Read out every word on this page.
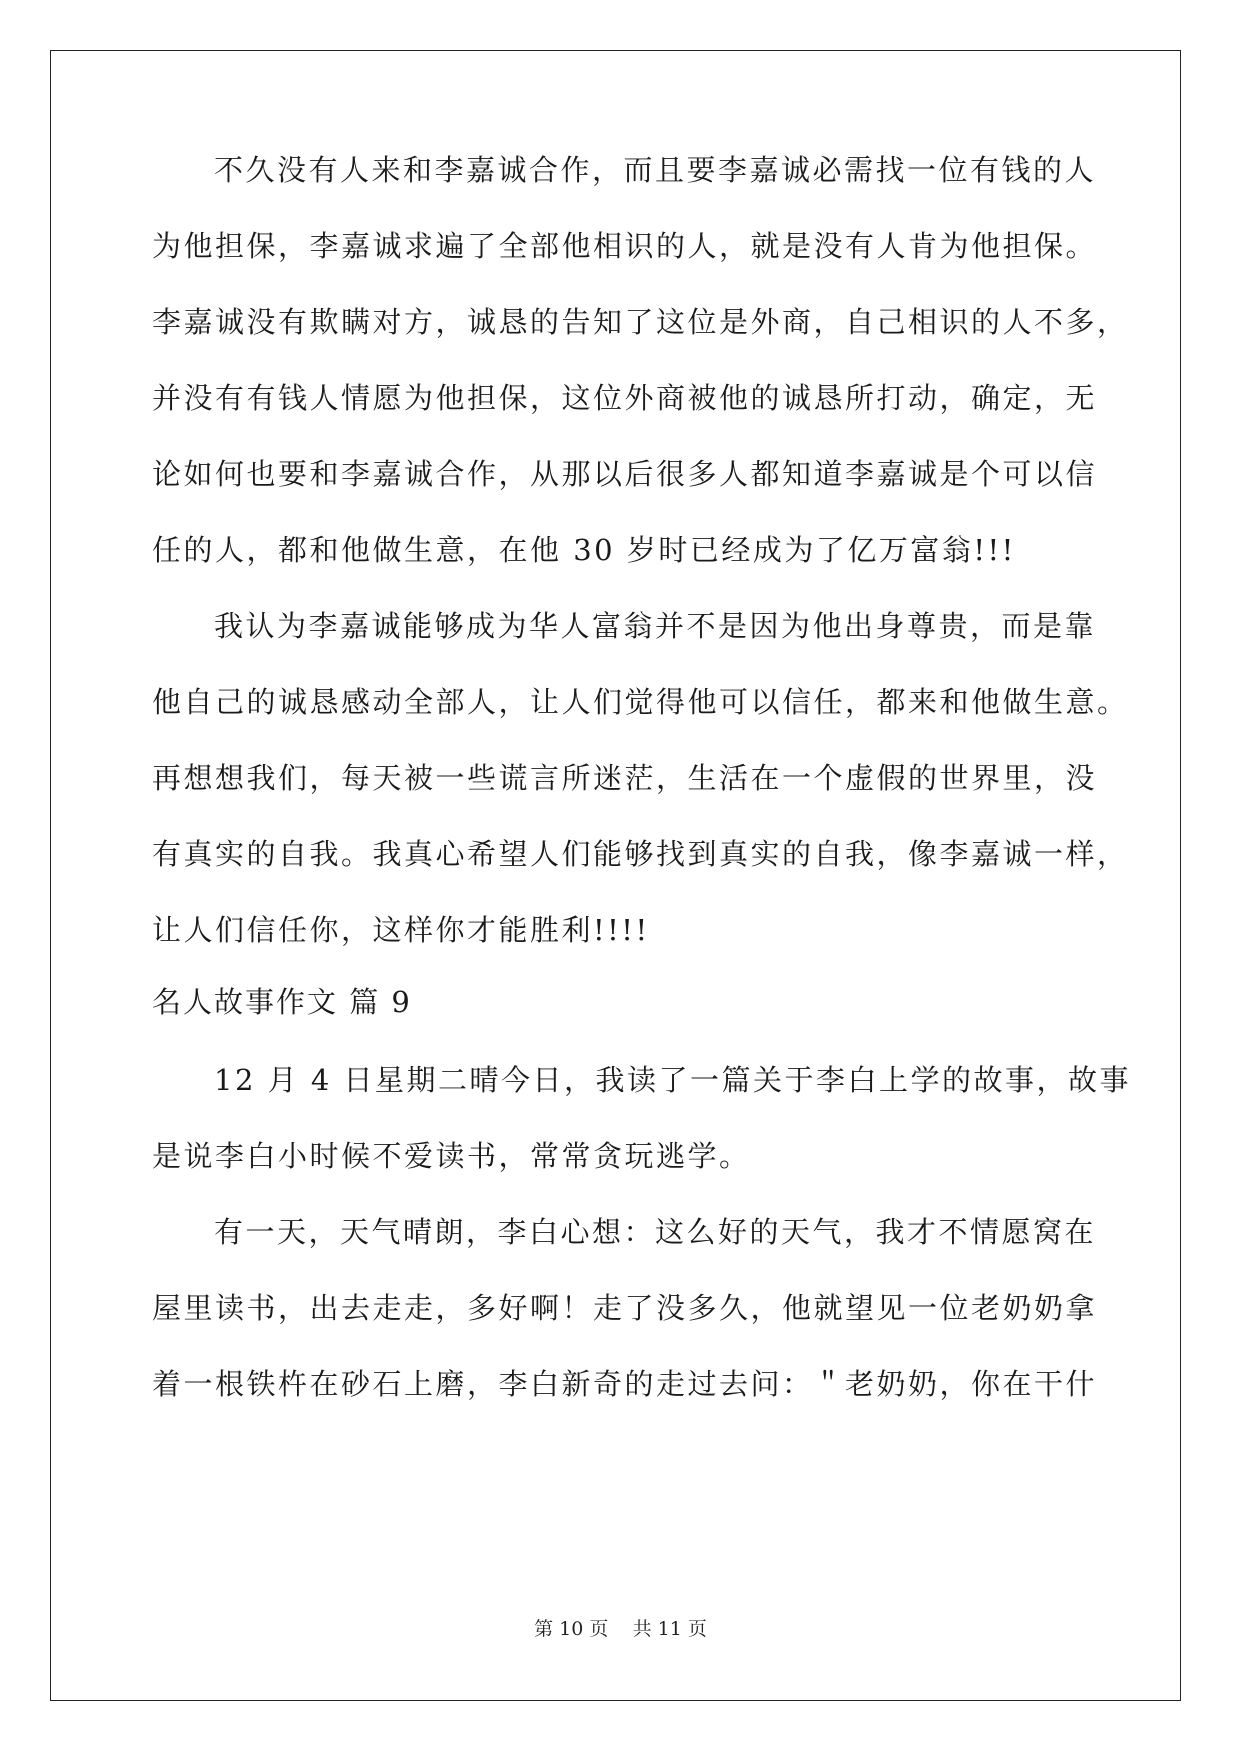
不久没有人来和李嘉诚合作，而且要李嘉诚必需找一位有钱的人
为他担保，李嘉诚求遍了全部他相识的人，就是没有人肯为他担保。
李嘉诚没有欺瞒对方，诚恳的告知了这位是外商，自己相识的人不多，
并没有有钱人情愿为他担保，这位外商被他的诚恳所打动，确定，无
论如何也要和李嘉诚合作，从那以后很多人都知道李嘉诚是个可以信
任的人，都和他做生意，在他 30 岁时已经成为了亿万富翁!!!
我认为李嘉诚能够成为华人富翁并不是因为他出身尊贵，而是靠
他自己的诚恳感动全部人，让人们觉得他可以信任，都来和他做生意。
再想想我们，每天被一些谎言所迷茫，生活在一个虚假的世界里，没
有真实的自我。我真心希望人们能够找到真实的自我，像李嘉诚一样，
让人们信任你，这样你才能胜利!!!!
名人故事作文 篇 9
12 月 4 日星期二晴今日，我读了一篇关于李白上学的故事，故事
是说李白小时候不爱读书，常常贪玩逃学。
有一天，天气晴朗，李白心想：这么好的天气，我才不情愿窝在
屋里读书，出去走走，多好啊！走了没多久，他就望见一位老奶奶拿
着一根铁杵在砂石上磨，李白新奇的走过去问：＂老奶奶，你在干什
第 10 页 共 11 页
